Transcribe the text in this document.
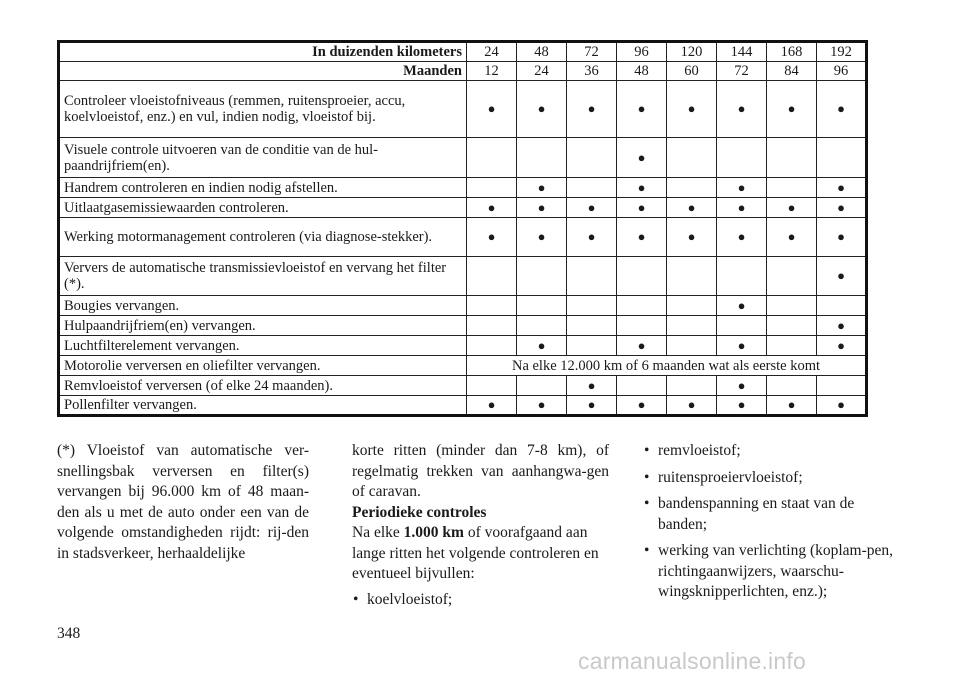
In duizenden kilometers	24	48	72	96	120	144	168	192
Maanden	12	24	36	48	60	72	84	96
Controleer vloeistofniveaus (remmen, ruitensproeier, accu, koelvloeistof, enz.) en vul, indien nodig, vloeistof bij.	●	●	●	●	●	●	●	●
Visuele controle uitvoeren van de conditie van de hul-paandrijfriem(en).				●				
Handrem controleren en indien nodig afstellen.		●		●		●		●
Uitlaatgasemissiewaarden controleren.	●	●	●	●	●	●	●	●
Werking motormanagement controleren (via diagnose-stekker).	●	●	●	●	●	●	●	●
Ververs de automatische transmissievloeistof en vervang het filter (*).								●
Bougies vervangen.						●		
Hulpaandrijfriem(en) vervangen.								●
Luchtfilterelement vervangen.		●		●		●		●
Motorolie verversen en oliefilter vervangen.	Na elke 12.000 km of 6 maanden wat als eerste komt							
Remvloeistof verversen (of elke 24 maanden).			●			●		
Pollenfilter vervangen.	●	●	●	●	●	●	●	●

(*) Vloeistof van automatische ver-snellingsbak verversen en filter(s) vervangen bij 96.000 km of 48 maan-den als u met de auto onder een van de volgende omstandigheden rijdt: rij-den in stadsverkeer, herhaaldelijke

korte ritten (minder dan 7-8 km), of regelmatig trekken van aanhangwa-gen of caravan.

Periodieke controles

Na elke 1.000 km of voorafgaand aan lange ritten het volgende controleren en eventueel bijvullen:

• koelvloeistof;
• remvloeistof;
• ruitensproeiervloeistof;
• bandenspanning en staat van de banden;
• werking van verlichting (koplam-pen, richtingaanwijzers, waarschu-wingsknipperlichten, enz.);
348
carmanualsonline.info
